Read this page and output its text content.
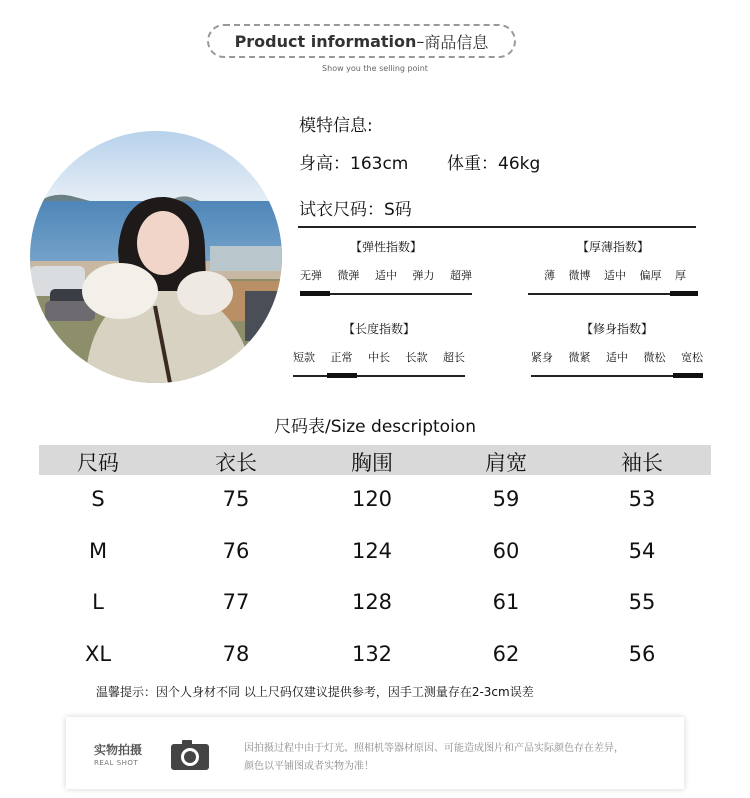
Product information – 商品信息
Show you the selling point
模特信息:
身高：163cm 体重：46kg
试衣尺码：S码
【弹性指数】
无弹 微弹 适中 弹力 超弹
【厚薄指数】
薄 微博 适中 偏厚 厚
【长度指数】
短款 正常 中长 长款 超长
【修身指数】
紧身 微紧 适中 微松 宽松
尺码表/Size descriptoion
尺码	衣长	胸围	肩宽	袖长
S	75	120	59	53
M	76	124	60	54
L	77	128	61	55
XL	78	132	62	56
温馨提示：因个人身材不同 以上尺码仅建议提供参考，因手工测量存在2-3cm误差
实物拍摄
REAL SHOT
因拍摄过程中由于灯光、照相机等器材原因、可能造成图片和产品实际颜色存在差异，
颜色以平铺图或者实物为准！
